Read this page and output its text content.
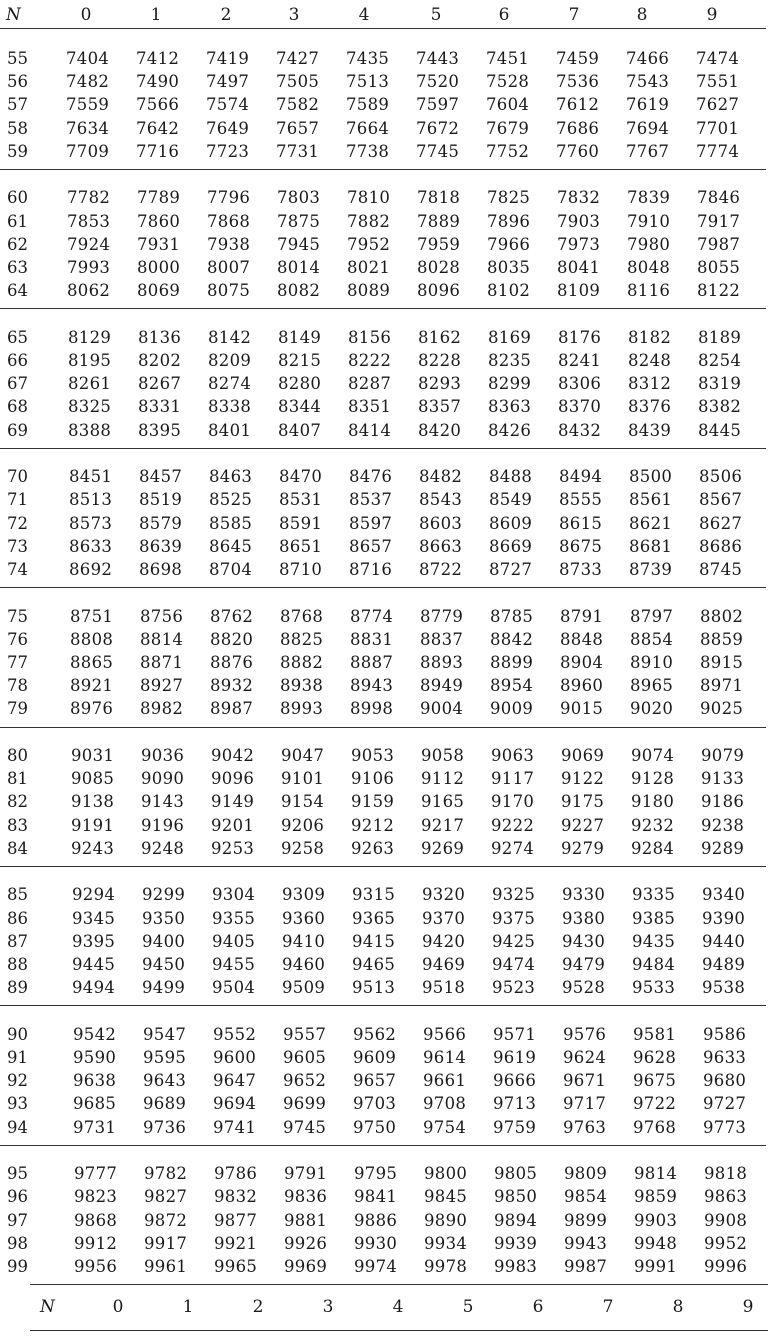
N	0	1	2	3	4	5	6	7	8	9
55 7404 7412 7419 7427 7435 7443 7451 7459 7466 7474
56 7482 7490 7497 7505 7513 7520 7528 7536 7543 7551
57 7559 7566 7574 7582 7589 7597 7604 7612 7619 7627
58 7634 7642 7649 7657 7664 7672 7679 7686 7694 7701
59 7709 7716 7723 7731 7738 7745 7752 7760 7767 7774
60 7782 7789 7796 7803 7810 7818 7825 7832 7839 7846
61 7853 7860 7868 7875 7882 7889 7896 7903 7910 7917
62 7924 7931 7938 7945 7952 7959 7966 7973 7980 7987
63 7993 8000 8007 8014 8021 8028 8035 8041 8048 8055
64 8062 8069 8075 8082 8089 8096 8102 8109 8116 8122
65 8129 8136 8142 8149 8156 8162 8169 8176 8182 8189
66 8195 8202 8209 8215 8222 8228 8235 8241 8248 8254
67 8261 8267 8274 8280 8287 8293 8299 8306 8312 8319
68 8325 8331 8338 8344 8351 8357 8363 8370 8376 8382
69 8388 8395 8401 8407 8414 8420 8426 8432 8439 8445
70 8451 8457 8463 8470 8476 8482 8488 8494 8500 8506
71 8513 8519 8525 8531 8537 8543 8549 8555 8561 8567
72 8573 8579 8585 8591 8597 8603 8609 8615 8621 8627
73 8633 8639 8645 8651 8657 8663 8669 8675 8681 8686
74 8692 8698 8704 8710 8716 8722 8727 8733 8739 8745
75	8751 8756 8762 8768 8774 8779 8785 8791 8797 8802
76	8808 8814 8820 8825 8831 8837 8842 8848 8854 8859
77	8865 8871 8876 8882 8887 8893 8899 8904 8910 8915
78	8921 8927 8932 8938 8943 8949 8954 8960 8965 8971
79	8976 8982 8987 8993 8998 9004 9009 9015 9020 9025
80	9031 9036 9042 9047 9053 9058 9063 9069 9074 9079
81	9085 9090 9096 9101 9106 9112 9117 9122 9128 9133
82	9138 9143 9149 9154 9159 9165 9170 9175 9180 9186
83	9191 9196 9201 9206 9212 9217 9222 9227 9232 9238
84	9243 9248 9253 9258 9263 9269 9274 9279 9284 9289
85	9294 9299 9304 9309 9315 9320 9325 9330 9335 9340
86	9345 9350 9355 9360 9365 9370 9375 9380 9385 9390
87	9395 9400 9405 9410 9415 9420 9425 9430 9435 9440
88	9445 9450 9455 9460 9465 9469 9474 9479 9484 9489
89	9494 9499 9504 9509 9513 9518 9523 9528 9533 9538
90	9542 9547 9552 9557 9562 9566 9571 9576 9581 9586
91	9590 9595 9600 9605 9609 9614 9619 9624 9628 9633
92	9638 9643 9647 9652 9657 9661 9666 9671 9675 9680
93	9685 9689 9694 9699 9703 9708 9713 9717 9722 9727
94	9731 9736 9741 9745 9750 9754 9759 9763 9768 9773
95	9777 9782 9786 9791 9795 9800 9805 9809 9814 9818
96	9823 9827 9832 9836 9841 9845 9850 9854 9859 9863
97	9868 9872 9877 9881 9886 9890 9894 9899 9903 9908
98	9912 9917 9921 9926 9930 9934 9939 9943 9948 9952
99	9956 9961 9965 9969 9974 9978 9983 9987 9991 9996
N	0	1	2	3	4	5	6	7	8	9
